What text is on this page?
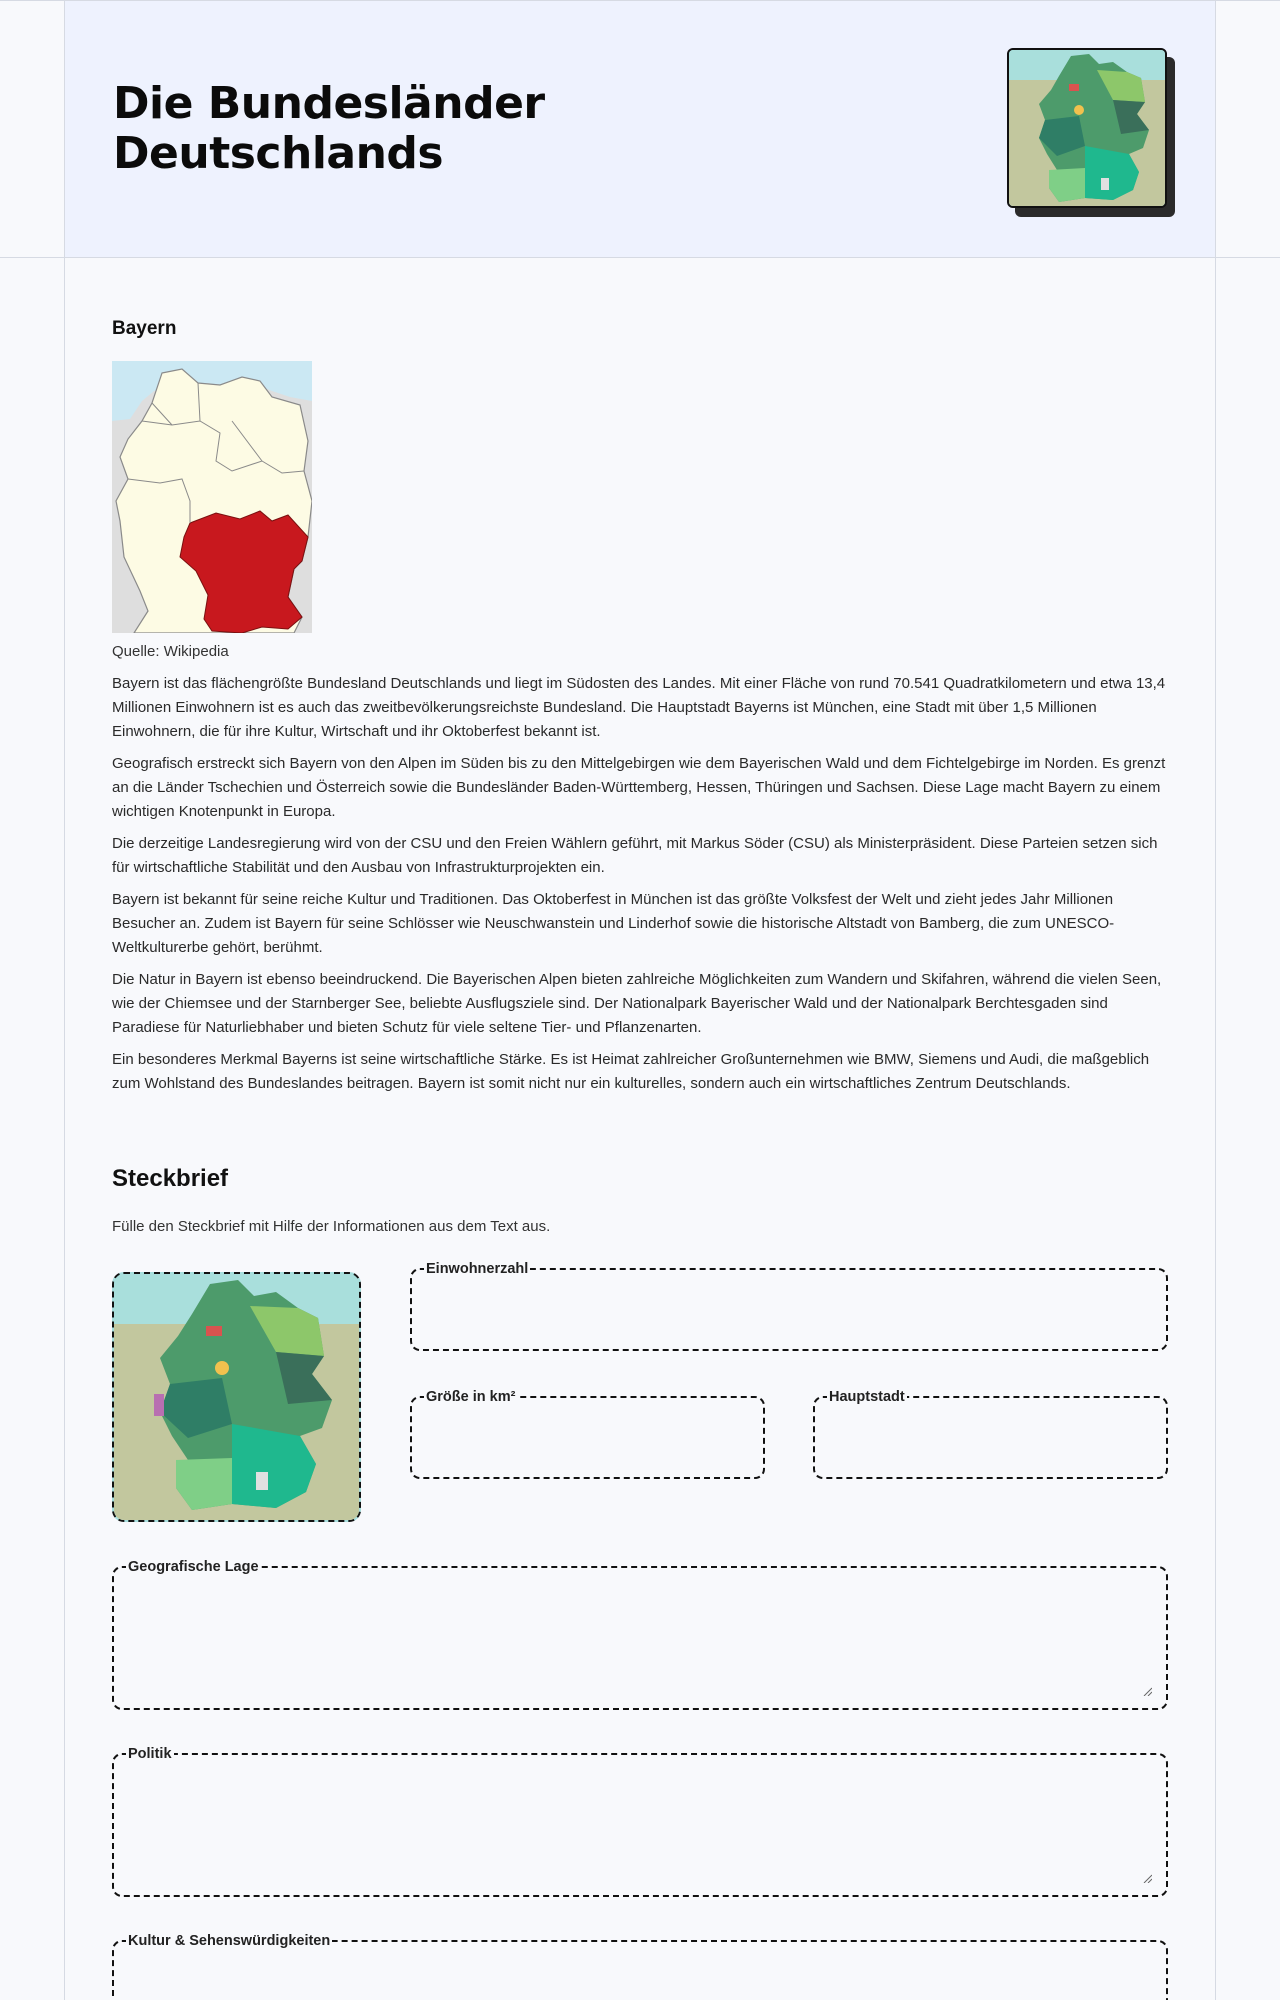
Die Bundesländer Deutschlands
Bayern
Quelle: Wikipedia

Bayern ist das flächengrößte Bundesland Deutschlands und liegt im Südosten des Landes. Mit einer Fläche von rund 70.541 Quadratkilometern und etwa 13,4 Millionen Einwohnern ist es auch das zweitbevölkerungsreichste Bundesland. Die Hauptstadt Bayerns ist München, eine Stadt mit über 1,5 Millionen Einwohnern, die für ihre Kultur, Wirtschaft und ihr Oktoberfest bekannt ist.

Geografisch erstreckt sich Bayern von den Alpen im Süden bis zu den Mittelgebirgen wie dem Bayerischen Wald und dem Fichtelgebirge im Norden. Es grenzt an die Länder Tschechien und Österreich sowie die Bundesländer Baden-Württemberg, Hessen, Thüringen und Sachsen. Diese Lage macht Bayern zu einem wichtigen Knotenpunkt in Europa.

Die derzeitige Landesregierung wird von der CSU und den Freien Wählern geführt, mit Markus Söder (CSU) als Ministerpräsident. Diese Parteien setzen sich für wirtschaftliche Stabilität und den Ausbau von Infrastrukturprojekten ein.

Bayern ist bekannt für seine reiche Kultur und Traditionen. Das Oktoberfest in München ist das größte Volksfest der Welt und zieht jedes Jahr Millionen Besucher an. Zudem ist Bayern für seine Schlösser wie Neuschwanstein und Linderhof sowie die historische Altstadt von Bamberg, die zum UNESCO-Weltkulturerbe gehört, berühmt.

Die Natur in Bayern ist ebenso beeindruckend. Die Bayerischen Alpen bieten zahlreiche Möglichkeiten zum Wandern und Skifahren, während die vielen Seen, wie der Chiemsee und der Starnberger See, beliebte Ausflugsziele sind. Der Nationalpark Bayerischer Wald und der Nationalpark Berchtesgaden sind Paradiese für Naturliebhaber und bieten Schutz für viele seltene Tier- und Pflanzenarten.

Ein besonderes Merkmal Bayerns ist seine wirtschaftliche Stärke. Es ist Heimat zahlreicher Großunternehmen wie BMW, Siemens und Audi, die maßgeblich zum Wohlstand des Bundeslandes beitragen. Bayern ist somit nicht nur ein kulturelles, sondern auch ein wirtschaftliches Zentrum Deutschlands.

Steckbrief
Fülle den Steckbrief mit Hilfe der Informationen aus dem Text aus.
Einwohnerzahl
Größe in km²	Hauptstadt
Geografische Lage
Politik
Kultur & Sehenswürdigkeiten
